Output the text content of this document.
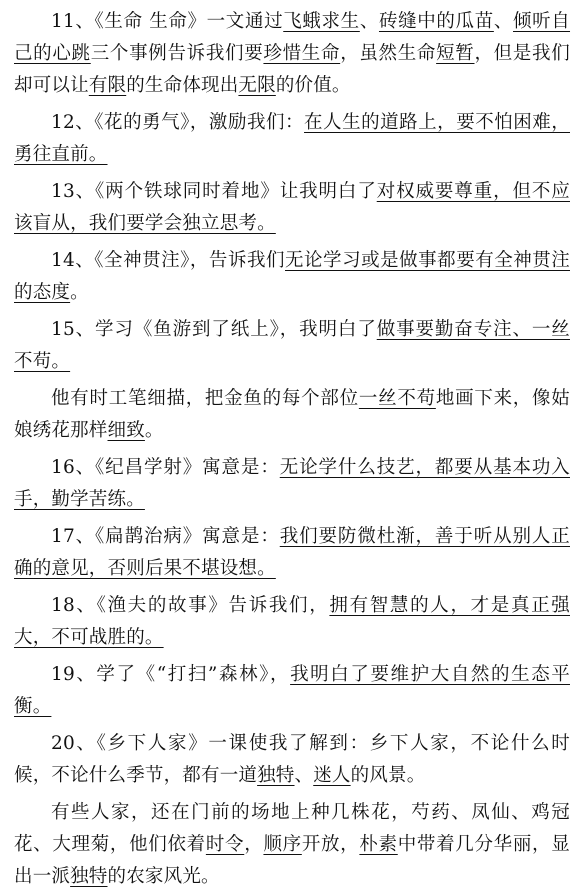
11、《生命 生命》一文通过飞蛾求生、砖缝中的瓜苗、倾听自己的心跳三个事例告诉我们要珍惜生命，虽然生命短暂，但是我们却可以让有限的生命体现出无限的价值。

12、《花的勇气》，激励我们：在人生的道路上，要不怕困难，勇往直前。

13、《两个铁球同时着地》让我明白了对权威要尊重，但不应该盲从，我们要学会独立思考。

14、《全神贯注》，告诉我们无论学习或是做事都要有全神贯注的态度。

15、学习《鱼游到了纸上》，我明白了做事要勤奋专注、一丝不苟。

他有时工笔细描，把金鱼的每个部位一丝不苟地画下来，像姑娘绣花那样细致。

16、《纪昌学射》寓意是：无论学什么技艺，都要从基本功入手，勤学苦练。

17、《扁鹊治病》寓意是：我们要防微杜渐，善于听从别人正确的意见，否则后果不堪设想。

18、《渔夫的故事》告诉我们，拥有智慧的人，才是真正强大，不可战胜的。

19、学了《“打扫”森林》，我明白了要维护大自然的生态平衡。

20、《乡下人家》一课使我了解到：乡下人家，不论什么时候，不论什么季节，都有一道独特、迷人的风景。

有些人家，还在门前的场地上种几株花，芍药、凤仙、鸡冠花、大理菊，他们依着时令，顺序开放，朴素中带着几分华丽，显出一派独特的农家风光。
